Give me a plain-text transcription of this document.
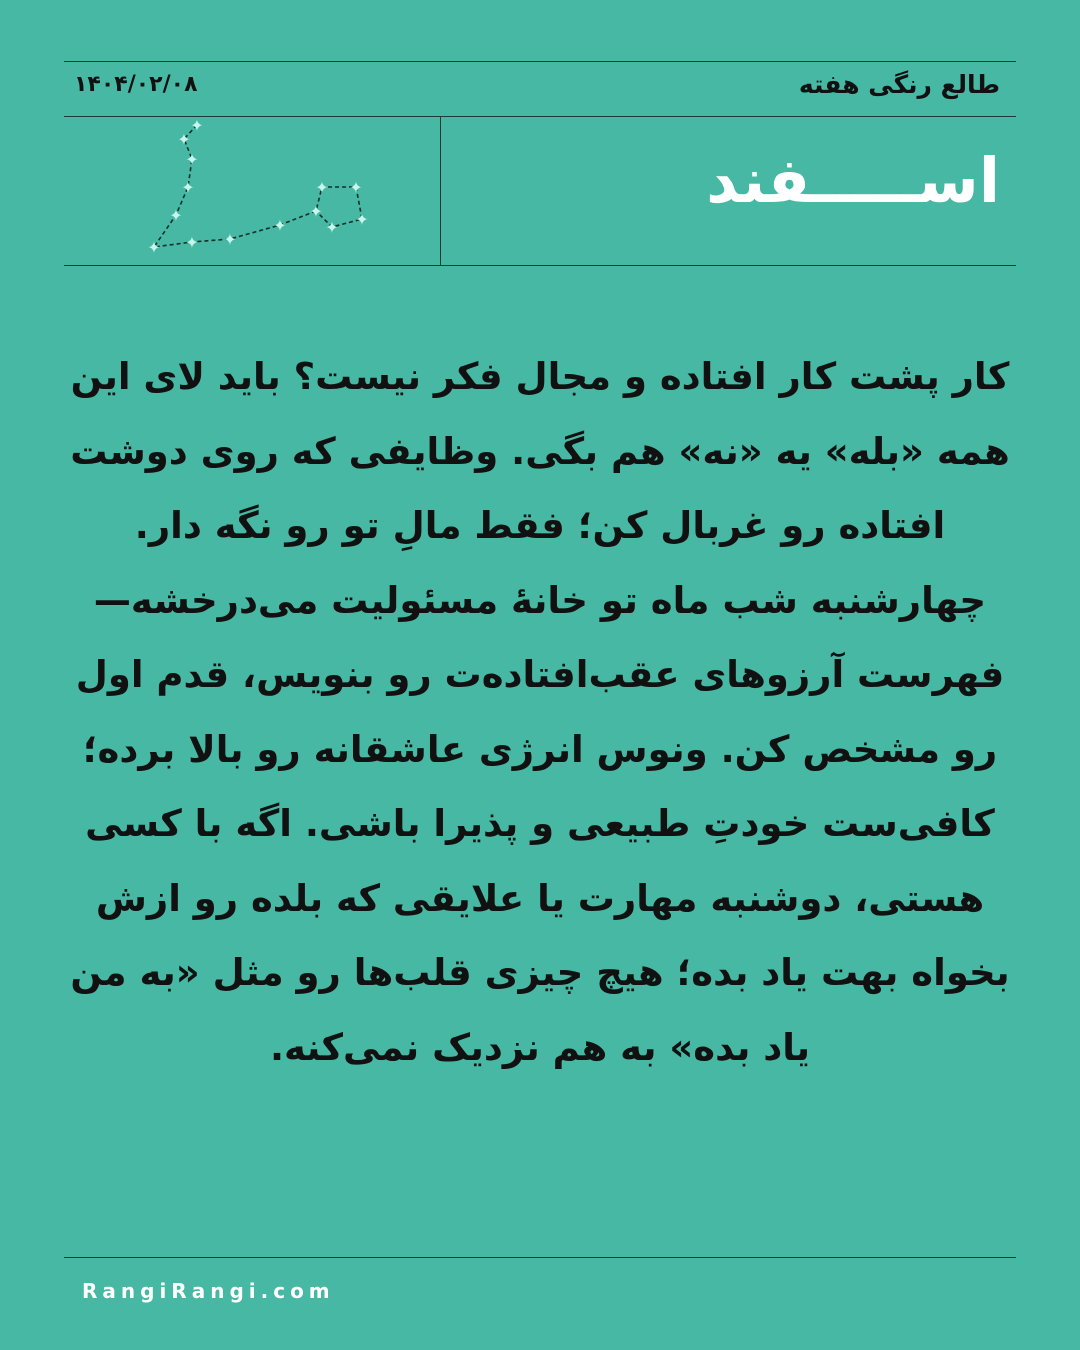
طالع رنگی هفته
۱۴۰۴/۰۲/۰۸
اســـــفند
✦
✦
✦
✦
✦
✦ ✦ ✦
✦
✦
✦ ✦
✦
✦
کار پشت کار افتاده و مجال فکر نیست؟ باید لای این همه «بله» یه «نه» هم بگی. وظایفی که روی دوشت افتاده رو غربال کن؛ فقط مالِ تو رو نگه دار. چهارشنبه شب ماه تو خانهٔ مسئولیت می‌درخشه— فهرست آرزوهای عقب‌افتاده‌ت رو بنویس، قدم اول رو مشخص کن. ونوس انرژی عاشقانه رو بالا برده؛ کافی‌ست خودتِ طبیعی و پذیرا باشی. اگه با کسی هستی، دوشنبه مهارت یا علایقی که بلده رو ازش بخواه بهت یاد بده؛ هیچ چیزی قلب‌ها رو مثل «به من یاد بده» به هم نزدیک نمی‌کنه.
RangiRangi.com
